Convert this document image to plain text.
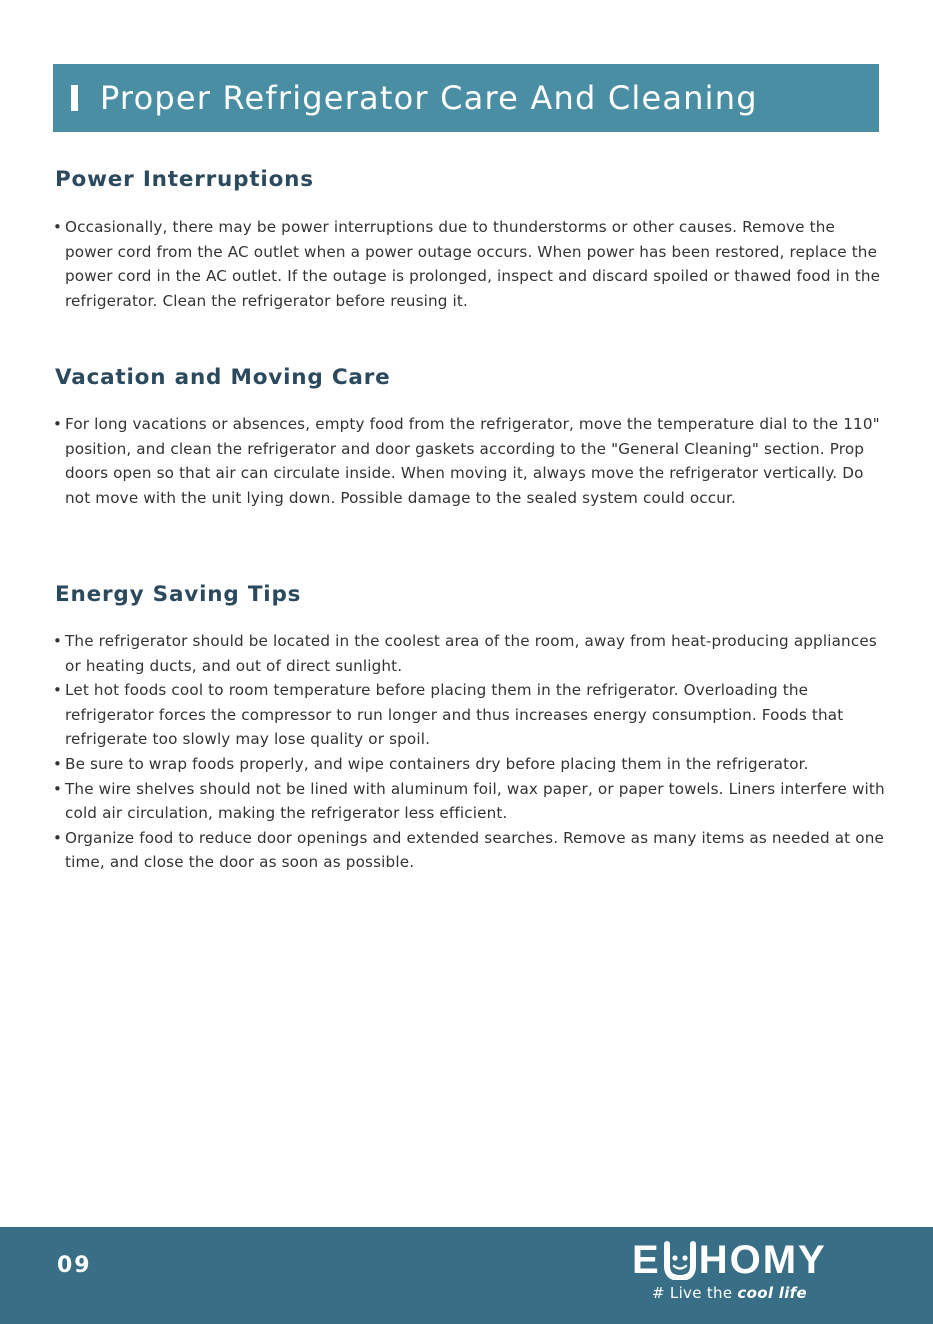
Proper Refrigerator Care And Cleaning
Power Interruptions
• Occasionally, there may be power interruptions due to thunderstorms or other causes. Remove the power cord from the AC outlet when a power outage occurs. When power has been restored, replace the power cord in the AC outlet. If the outage is prolonged, inspect and discard spoiled or thawed food in the refrigerator. Clean the refrigerator before reusing it.
Vacation and Moving Care
• For long vacations or absences, empty food from the refrigerator, move the temperature dial to the 110" position, and clean the refrigerator and door gaskets according to the "General Cleaning" section. Prop doors open so that air can circulate inside. When moving it, always move the refrigerator vertically. Do not move with the unit lying down. Possible damage to the sealed system could occur.
Energy Saving Tips
• The refrigerator should be located in the coolest area of the room, away from heat-producing appliances or heating ducts, and out of direct sunlight.
• Let hot foods cool to room temperature before placing them in the refrigerator. Overloading the refrigerator forces the compressor to run longer and thus increases energy consumption. Foods that refrigerate too slowly may lose quality or spoil.
• Be sure to wrap foods properly, and wipe containers dry before placing them in the refrigerator.
• The wire shelves should not be lined with aluminum foil, wax paper, or paper towels. Liners interfere with cold air circulation, making the refrigerator less efficient.
• Organize food to reduce door openings and extended searches. Remove as many items as needed at one time, and close the door as soon as possible.
09	E HOMY
# Live the cool life
